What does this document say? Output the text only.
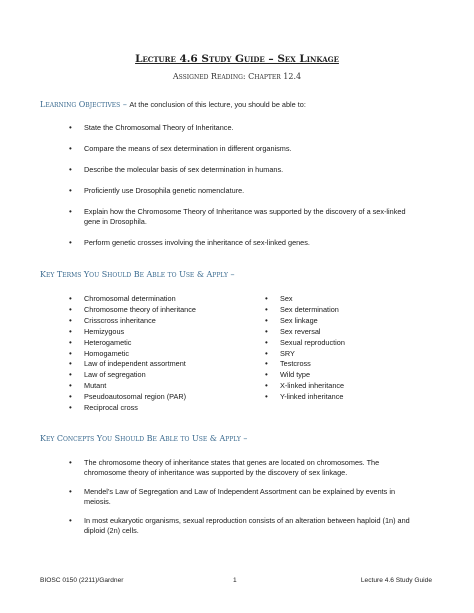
Lecture 4.6 Study Guide – Sex Linkage
Assigned Reading: Chapter 12.4
Learning Objectives – At the conclusion of this lecture, you should be able to:
• State the Chromosomal Theory of Inheritance.
• Compare the means of sex determination in different organisms.
• Describe the molecular basis of sex determination in humans.
• Proficiently use Drosophila genetic nomenclature.
• Explain how the Chromosome Theory of Inheritance was supported by the discovery of a sex-linked gene in Drosophila.
• Perform genetic crosses involving the inheritance of sex-linked genes.
Key Terms You Should Be Able to Use & Apply –
• Chromosomal determination
• Chromosome theory of inheritance
• Crisscross inheritance
• Hemizygous
• Heterogametic
• Homogametic
• Law of independent assortment
• Law of segregation
• Mutant
• Pseudoautosomal region (PAR)
• Reciprocal cross
• Sex
• Sex determination
• Sex linkage
• Sex reversal
• Sexual reproduction
• SRY
• Testcross
• Wild type
• X-linked inheritance
• Y-linked inheritance
Key Concepts You Should Be Able to Use & Apply –
• The chromosome theory of inheritance states that genes are located on chromosomes. The chromosome theory of inheritance was supported by the discovery of sex linkage.
• Mendel’s Law of Segregation and Law of Independent Assortment can be explained by events in meiosis.
• In most eukaryotic organisms, sexual reproduction consists of an alteration between haploid (1n) and diploid (2n) cells.
BIOSC 0150 (2211)/Gardner	1	Lecture 4.6 Study Guide
